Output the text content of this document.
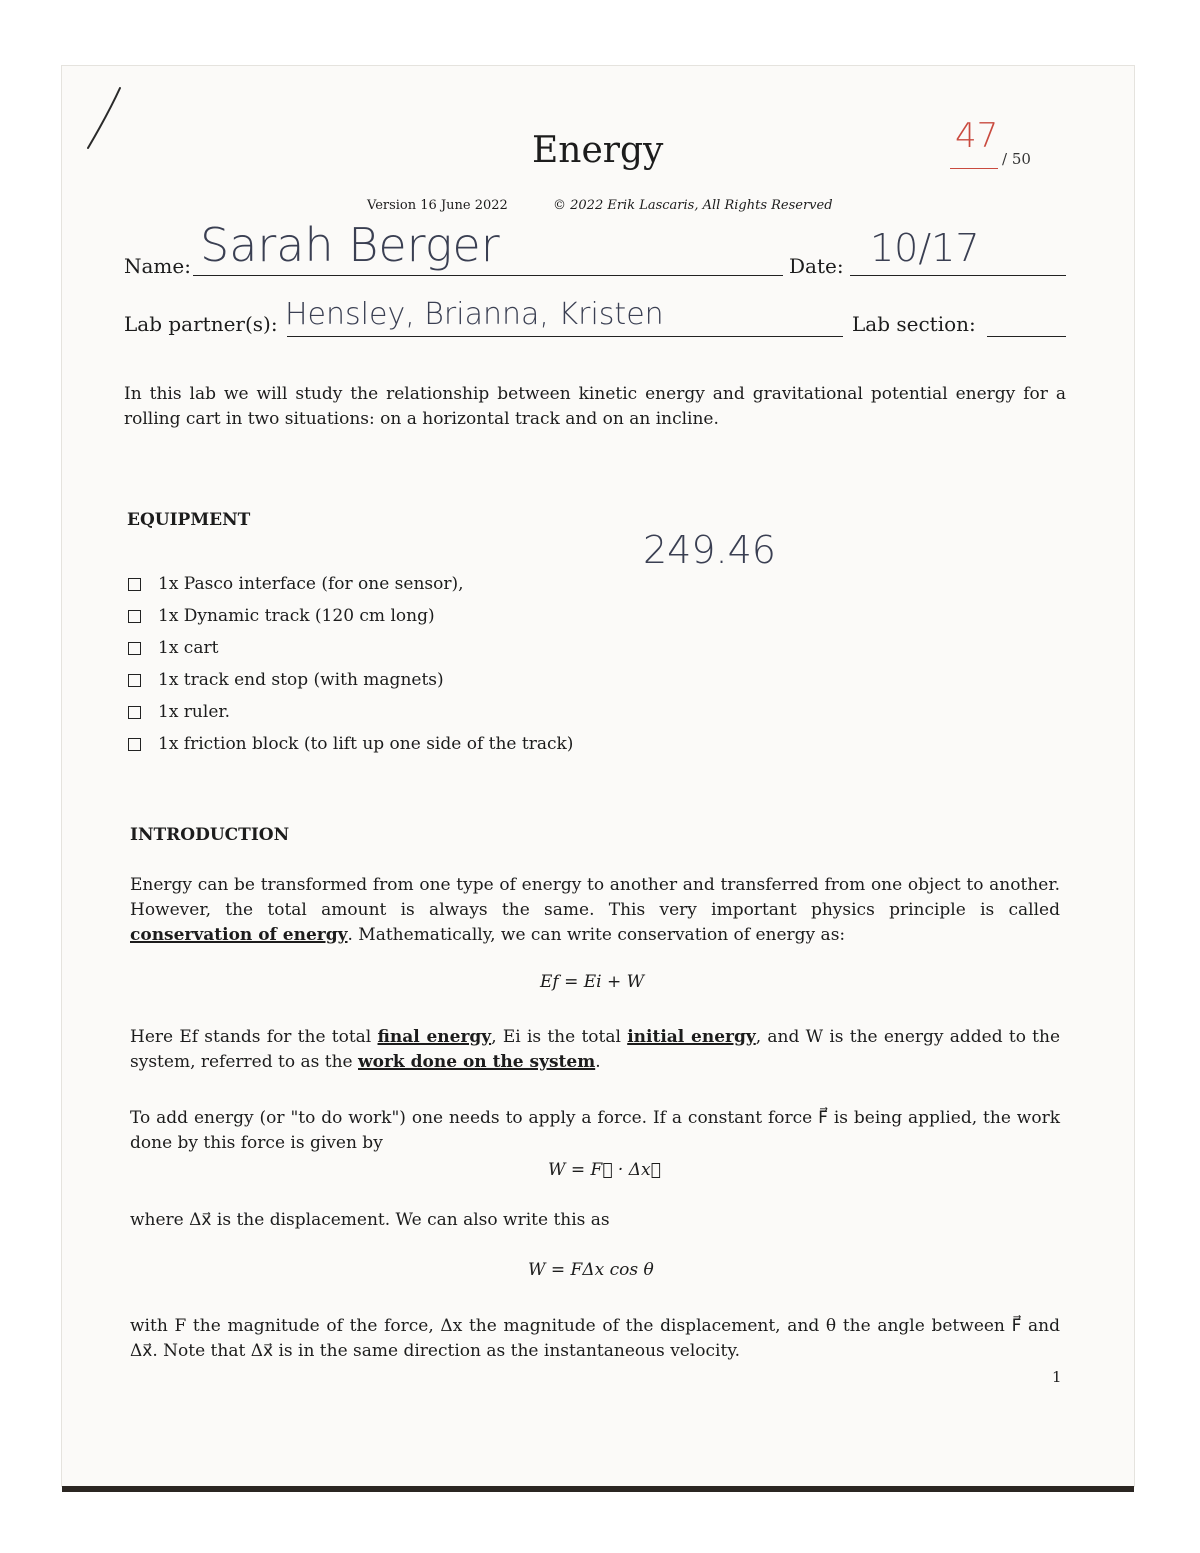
Energy	47
/ 50
Version 16 June 2022	© 2022 Erik Lascaris, All Rights Reserved
Name: Sarah Berger	Date: 10/17
Lab partner(s): Hensley, Brianna, Kristen	Lab section:
In this lab we will study the relationship between kinetic energy and gravitational potential energy for a rolling cart in two situations: on a horizontal track and on an incline.
EQUIPMENT
249.46
1x Pasco interface (for one sensor),
1x Dynamic track (120 cm long)
1x cart
1x track end stop (with magnets)
1x ruler.
1x friction block (to lift up one side of the track)
INTRODUCTION
Energy can be transformed from one type of energy to another and transferred from one object to another. However, the total amount is always the same. This very important physics principle is called conservation of energy. Mathematically, we can write conservation of energy as:
Ef = Ei + W
Here Ef stands for the total final energy, Ei is the total initial energy, and W is the energy added to the system, referred to as the work done on the system.
To add energy (or "to do work") one needs to apply a force. If a constant force F⃗ is being applied, the work done by this force is given by
W = F⃗ · Δx⃗
where Δx⃗ is the displacement. We can also write this as
W = FΔx cos θ
with F the magnitude of the force, Δx the magnitude of the displacement, and θ the angle between F⃗ and Δx⃗. Note that Δx⃗ is in the same direction as the instantaneous velocity.
1
